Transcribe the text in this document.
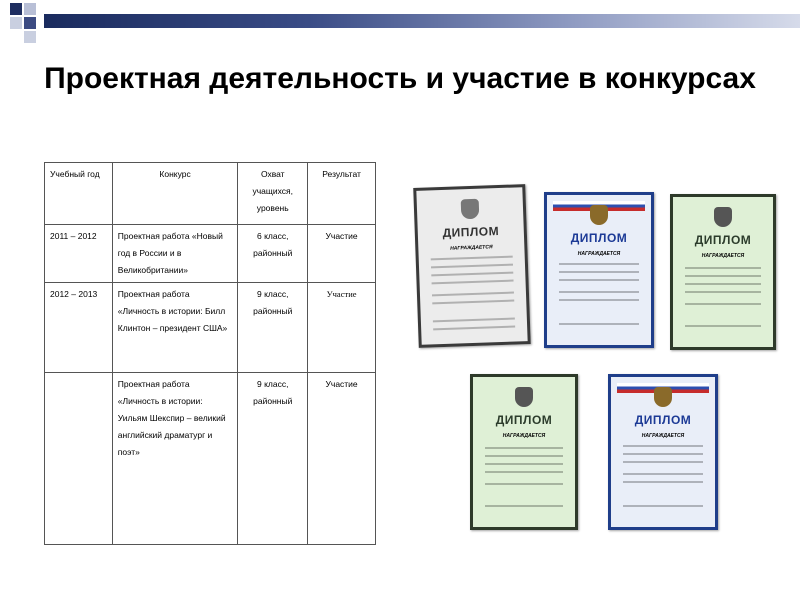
Проектная деятельность и участие в конкурсах
Учебный год	Конкурс	Охват учащихся, уровень	Результат
2011 – 2012	Проектная работа «Новый год в России и в Великобритании»	6 класс, районный	Участие
2012 – 2013	Проектная работа «Личность в истории: Билл Клинтон – президент США»	9 класс, районный	Участие
	Проектная работа «Личность в истории: Уильям Шекспир – великий английский драматург и поэт»	9 класс, районный	Участие
ДИПЛОМ
НАГРАЖДАЕТСЯ
ДИПЛОМ
НАГРАЖДАЕТСЯ
ДИПЛОМ
НАГРАЖДАЕТСЯ
ДИПЛОМ
НАГРАЖДАЕТСЯ
ДИПЛОМ
НАГРАЖДАЕТСЯ
